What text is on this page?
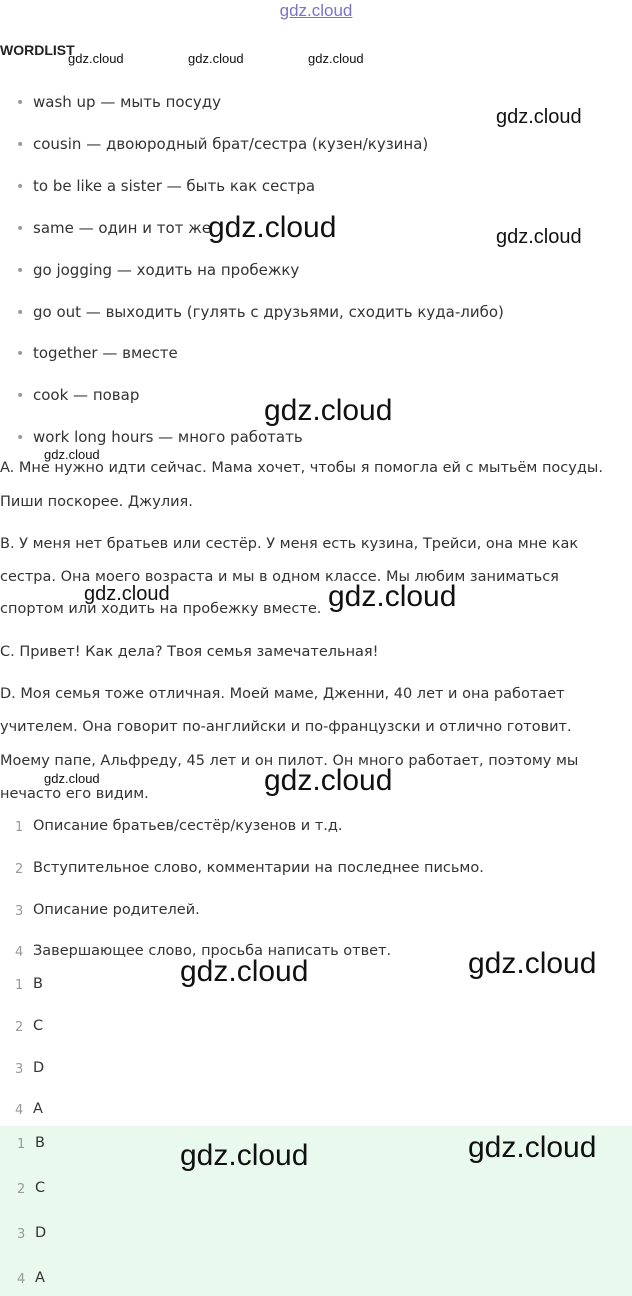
gdz.cloud
WORDLIST
gdz.cloud	gdz.cloud	gdz.cloud
• wash up — мыть посуду
• cousin — двоюродный брат/сестра (кузен/кузина)
• to be like a sister — быть как сестра
• same — один и тот же
• go jogging — ходить на пробежку
• go out — выходить (гулять с друзьями, сходить куда-либо)
• together — вместе
• cook — повар
• work long hours — много работать
A. Мне нужно идти сейчас. Мама хочет, чтобы я помогла ей с мытьём посуды.
Пиши поскорее. Джулия.
B. У меня нет братьев или сестёр. У меня есть кузина, Трейси, она мне как
сестра. Она моего возраста и мы в одном классе. Мы любим заниматься
спортом или ходить на пробежку вместе.
C. Привет! Как дела? Твоя семья замечательная!
D. Моя семья тоже отличная. Моей маме, Дженни, 40 лет и она работает
учителем. Она говорит по-английски и по-французски и отлично готовит.
Моему папе, Альфреду, 45 лет и он пилот. Он много работает, поэтому мы
нечасто его видим.
1 Описание братьев/сестёр/кузенов и т.д.
2 Вступительное слово, комментарии на последнее письмо.
3 Описание родителей.
4 Завершающее слово, просьба написать ответ.
1 B
2 C
3 D
4 A
1 B
2 C
3 D
4 A
gdz.cloud
gdz.cloud
gdz.cloud
gdz.cloud
gdz.cloud
gdz.cloud	gdz.cloud
gdz.cloud	gdz.cloud
gdz.cloud	gdz.cloud
gdz.cloud	gdz.cloud
